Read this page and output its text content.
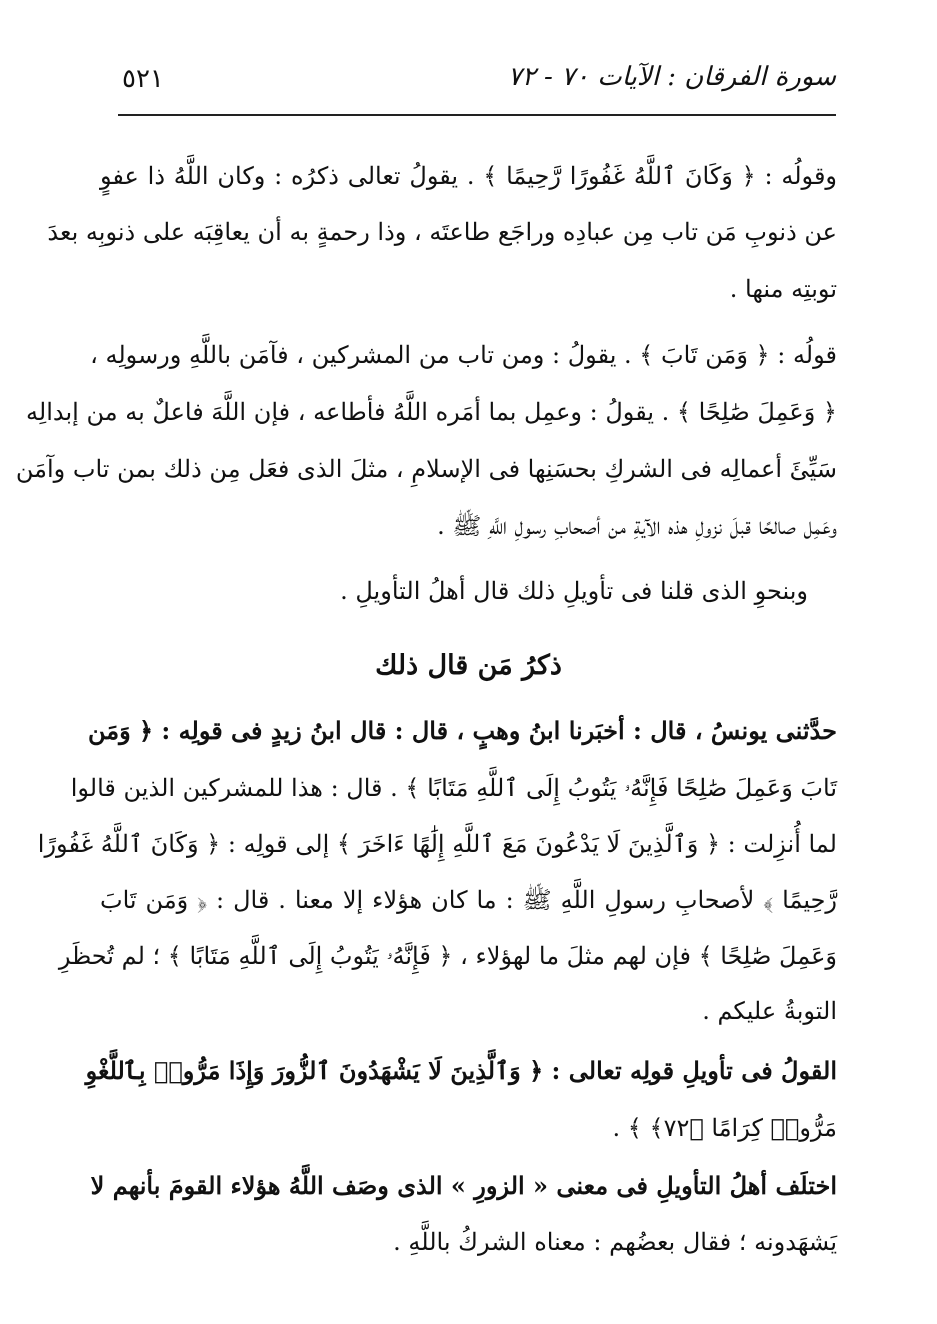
٥٢١	سورة الفرقان : الآيات ٧٠ - ٧٢
وقولُه : ﴿ وَكَانَ ٱللَّهُ غَفُورًا رَّحِيمًا ﴾ . يقولُ تعالى ذكرُه : وكان اللَّهُ ذا عفوٍ
عن ذنوبِ مَن تاب مِن عبادِه وراجَع طاعتَه ، وذا رحمةٍ به أن يعاقِبَه على ذنوبِه بعدَ
توبتِه منها .
قولُه : ﴿ وَمَن تَابَ ﴾ . يقولُ : ومن تاب من المشركين ، فآمَن باللَّهِ ورسولِه ،
﴿ وَعَمِلَ صَٰلِحًا ﴾ . يقولُ : وعمِل بما أمَره اللَّهُ فأطاعه ، فإن اللَّهَ فاعلٌ به من إبدالِه
سَيِّئَ أعمالِه فى الشركِ بحسَنِها فى الإسلامِ ، مثلَ الذى فعَل مِن ذلك بمن تاب وآمَن
وعَمِل صالحًا قبلَ نزولِ هذه الآيةِ من أصحابِ رسولِ اللَّهِ ﷺ .
وبنحوِ الذى قلنا فى تأويلِ ذلك قال أهلُ التأويلِ .
ذكرُ مَن قال ذلك
حدَّثنى يونسُ ، قال : أخبَرنا ابنُ وهبٍ ، قال : قال ابنُ زيدٍ فى قولِه : ﴿ وَمَن
تَابَ وَعَمِلَ صَٰلِحًا فَإِنَّهُۥ يَتُوبُ إِلَى ٱللَّهِ مَتَابًا ﴾ . قال : هذا للمشركين الذين قالوا
لما أُنزِلت : ﴿ وَٱلَّذِينَ لَا يَدْعُونَ مَعَ ٱللَّهِ إِلَٰهًا ءَاخَرَ ﴾ إلى قولِه : ﴿ وَكَانَ ٱللَّهُ غَفُورًا
رَّحِيمًا ﴾ لأصحابِ رسولِ اللَّهِ ﷺ : ما كان هؤلاء إلا معنا . قال : ﴿ وَمَن تَابَ
وَعَمِلَ صَٰلِحًا ﴾ فإن لهم مثلَ ما لهؤلاء ، ﴿ فَإِنَّهُۥ يَتُوبُ إِلَى ٱللَّهِ مَتَابًا ﴾ ؛ لم تُحظَرِ
التوبةُ عليكم .
القولُ فى تأويلِ قولِه تعالى : ﴿ وَٱلَّذِينَ لَا يَشْهَدُونَ ٱلزُّورَ وَإِذَا مَرُّوا۟ بِٱللَّغْوِ
مَرُّوا۟ كِرَامًا ﴿٧٢﴾ ﴾ .
اختلَف أهلُ التأويلِ فى معنى « الزورِ » الذى وصَف اللَّهُ هؤلاء القومَ بأنهم لا
يَشهَدونه ؛ فقال بعضُهم : معناه الشركُ باللَّهِ .
